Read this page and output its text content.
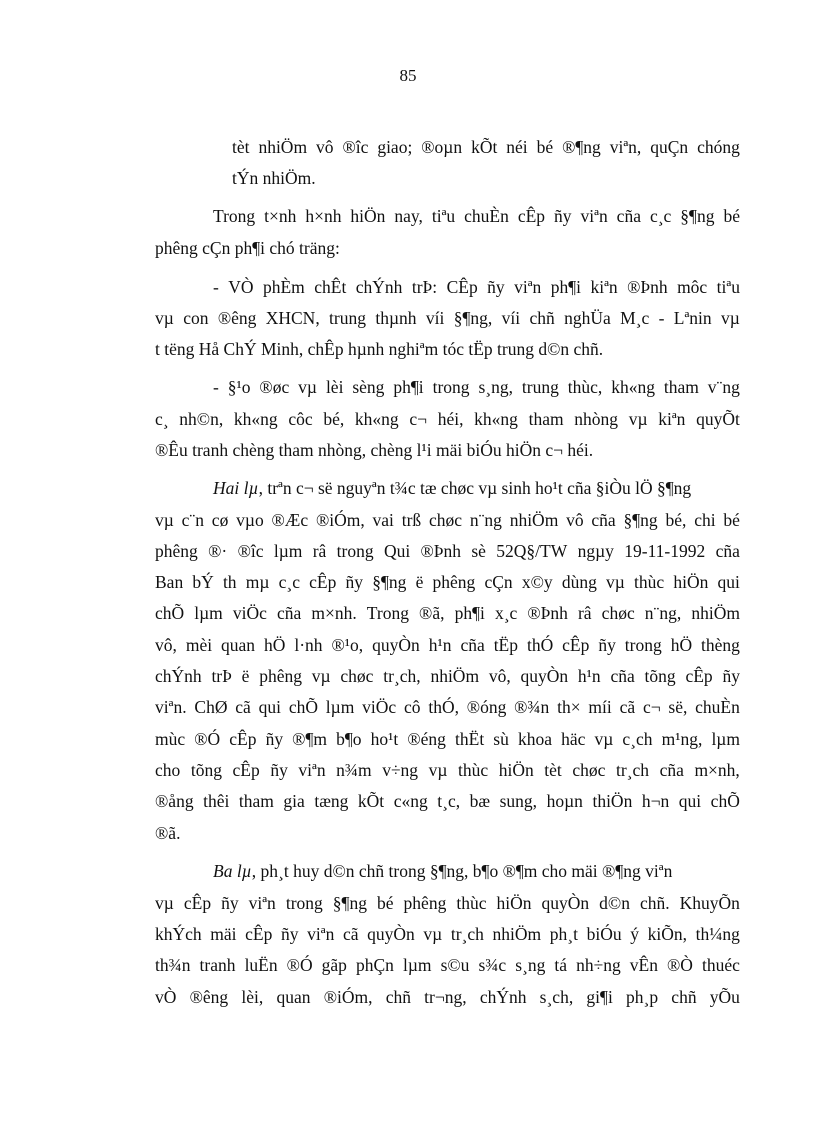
85
tèt nhiÖm vô ®îc giao; ®oµn kÕt néi bé ®¶ng viªn, quÇn chóng
tÝn nhiÖm.
Trong t×nh h×nh hiÖn nay, tiªu chuÈn cÊp ñy viªn cña c¸c §¶ng bé
phêng cÇn ph¶i chó träng:
- VÒ phÈm chÊt chÝnh trÞ: CÊp ñy viªn ph¶i kiªn ®Þnh môc tiªu
vµ con ®êng XHCN, trung thµnh víi §¶ng, víi chñ nghÜa M¸c - Lªnin vµ
t tëng Hå ChÝ Minh, chÊp hµnh nghiªm tóc tËp trung d©n chñ.
- §¹o ®øc vµ lèi sèng ph¶i trong s¸ng, trung thùc, kh«ng tham v¨ng
c¸ nh©n, kh«ng côc bé, kh«ng c¬ héi, kh«ng tham nhòng vµ kiªn quyÕt
®Êu tranh chèng tham nhòng, chèng l¹i mäi biÓu hiÖn c¬ héi.
Hai lµ, trªn c¬ së nguyªn t¾c tæ chøc vµ sinh ho¹t cña §iÒu lÖ §¶ng
vµ c¨n cø vµo ®Æc ®iÓm, vai trß chøc n¨ng nhiÖm vô cña §¶ng bé, chi bé
phêng ®· ®îc lµm râ trong Qui ®Þnh sè 52Q§/TW ngµy 19-11-1992 cña
Ban bÝ th mµ c¸c cÊp ñy §¶ng ë phêng cÇn x©y dùng vµ thùc hiÖn qui
chÕ lµm viÖc cña m×nh. Trong ®ã, ph¶i x¸c ®Þnh râ chøc n¨ng, nhiÖm
vô, mèi quan hÖ l·nh ®¹o, quyÒn h¹n cña tËp thÓ cÊp ñy trong hÖ thèng
chÝnh trÞ ë phêng vµ chøc tr¸ch, nhiÖm vô, quyÒn h¹n cña tõng cÊp ñy
viªn. ChØ cã qui chÕ lµm viÖc cô thÓ, ®óng ®¾n th× míi cã c¬ së, chuÈn
mùc ®Ó cÊp ñy ®¶m b¶o ho¹t ®éng thËt sù khoa häc vµ c¸ch m¹ng, lµm
cho tõng cÊp ñy viªn n¾m v÷ng vµ thùc hiÖn tèt chøc tr¸ch cña m×nh,
®ång thêi tham gia tæng kÕt c«ng t¸c, bæ sung, hoµn thiÖn h¬n qui chÕ
®ã.
Ba lµ, ph¸t huy d©n chñ trong §¶ng, b¶o ®¶m cho mäi ®¶ng viªn
vµ cÊp ñy viªn trong §¶ng bé phêng thùc hiÖn quyÒn d©n chñ. KhuyÕn
khÝch mäi cÊp ñy viªn cã quyÒn vµ tr¸ch nhiÖm ph¸t biÓu ý kiÕn, th¼ng
th¾n tranh luËn ®Ó gãp phÇn lµm s©u s¾c s¸ng tá nh÷ng vÊn ®Ò thuéc
vÒ ®êng lèi, quan ®iÓm, chñ tr¬ng, chÝnh s¸ch, gi¶i ph¸p chñ yÕu
